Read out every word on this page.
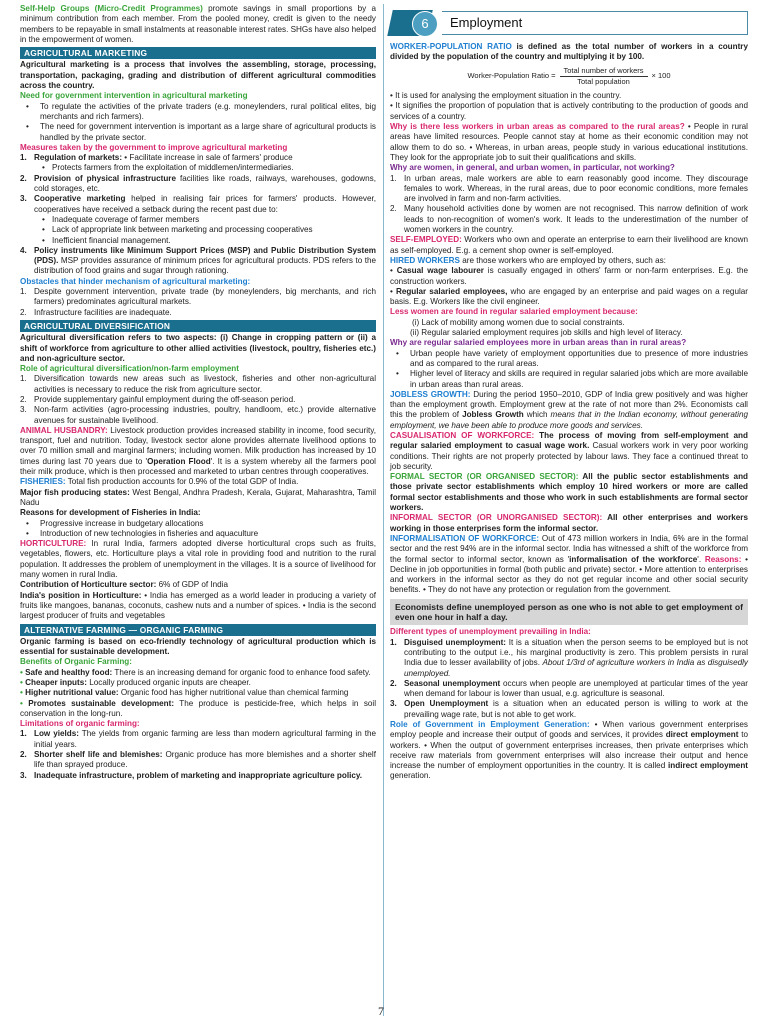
Self-Help Groups (Micro-Credit Programmes) promote savings in small proportions by a minimum contribution from each member. From the pooled money, credit is given to the needy members to be repayable in small instalments at reasonable interest rates. SHGs have also helped in the empowerment of women.

AGRICULTURAL MARKETING

Agricultural marketing is a process that involves the assembling, storage, processing, transportation, packaging, grading and distribution of different agricultural commodities across the country.

Need for government intervention in agricultural marketing

•	To regulate the activities of the private traders (e.g. moneylenders, rural political elites, big merchants and rich farmers).
•	The need for government intervention is important as a large share of agricultural products is handled by the private sector.

Measures taken by the government to improve agricultural marketing

1. Regulation of markets: • Facilitate increase in sale of farmers' produce
• Protects farmers from the exploitation of middlemen/intermediaries.
2. Provision of physical infrastructure facilities like roads, railways, warehouses, godowns, cold storages, etc.
3. Cooperative marketing helped in realising fair prices for farmers' products. However, cooperatives have received a setback during the recent past due to:
• Inadequate coverage of farmer members
• Lack of appropriate link between marketing and processing cooperatives
• Inefficient financial management.
4. Policy instruments like Minimum Support Prices (MSP) and Public Distribution System (PDS). MSP provides assurance of minimum prices for agricultural products. PDS refers to the distribution of food grains and sugar through rationing.

Obstacles that hinder mechanism of agricultural marketing:

1. Despite government intervention, private trade (by moneylenders, big merchants, and rich farmers) predominates agricultural markets.
2. Infrastructure facilities are inadequate.
AGRICULTURAL DIVERSIFICATION

Agricultural diversification refers to two aspects: (i) Change in cropping pattern or (ii) a shift of workforce from agriculture to other allied activities (livestock, poultry, fisheries etc.) and non-agriculture sector.

Role of agricultural diversification/non-farm employment

1. Diversification towards new areas such as livestock, fisheries and other non-agricultural activities is necessary to reduce the risk from agriculture sector.
2. Provide supplementary gainful employment during the off-season period.
3. Non-farm activities (agro-processing industries, poultry, handloom, etc.) provide alternative avenues for sustainable livelihood.

ANIMAL HUSBANDRY: Livestock production provides increased stability in income, food security, transport, fuel and nutrition. Today, livestock sector alone provides alternate livelihood options to over 70 million small and marginal farmers; including women. Milk production has increased by 10 times during last 70 years due to 'Operation Flood'. It is a system whereby all the farmers pool their milk produce, which is then processed and marketed to urban centres through cooperatives.

FISHERIES: Total fish production accounts for 0.9% of the total GDP of India.

Major fish producing states: West Bengal, Andhra Pradesh, Kerala, Gujarat, Maharashtra, Tamil Nadu

Reasons for development of Fisheries in India:

•	Progressive increase in budgetary allocations
•	Introduction of new technologies in fisheries and aquaculture

HORTICULTURE: In rural India, farmers adopted diverse horticultural crops such as fruits, vegetables, flowers, etc. Horticulture plays a vital role in providing food and nutrition to the rural population. It addresses the problem of unemployment in the villages. It is a source of livelihood for many women in rural India.

Contribution of Horticulture sector: 6% of GDP of India

India's position in Horticulture: • India has emerged as a world leader in producing a variety of fruits like mangoes, bananas, coconuts, cashew nuts and a number of spices. • India is the second largest producer of fruits and vegetables

ALTERNATIVE FARMING — ORGANIC FARMING

Organic farming is based on eco-friendly technology of agricultural production which is essential for sustainable development.

Benefits of Organic Farming:

• Safe and healthy food: There is an increasing demand for organic food to enhance food safety.

• Cheaper inputs: Locally produced organic inputs are cheaper.

• Higher nutritional value: Organic food has higher nutritional value than chemical farming

• Promotes sustainable development: The produce is pesticide-free, which helps in soil conservation in the long-run.

Limitations of organic farming:

1. Low yields: The yields from organic farming are less than modern agricultural farming in the initial years.
2. Shorter shelf life and blemishes: Organic produce has more blemishes and a shorter shelf life than sprayed produce.
3. Inadequate infrastructure, problem of marketing and inappropriate agriculture policy.
6	Employment

WORKER-POPULATION RATIO is defined as the total number of workers in a country divided by the population of the country and multiplying it by 100.

Worker-Population Ratio = $\frac{\text{Total number of workers}}{\text{Total population}} \times 100$

• It is used for analysing the employment situation in the country.

• It signifies the proportion of population that is actively contributing to the production of goods and services of a country.

Why is there less workers in urban areas as compared to the rural areas? • People in rural areas have limited resources. People cannot stay at home as their economic condition may not allow them to do so. • Whereas, in urban areas, people study in various educational institutions. They look for the appropriate job to suit their qualifications and skills.

Why are women, in general, and urban women, in particular, not working?

1. In urban areas, male workers are able to earn reasonably good income. They discourage females to work. Whereas, in the rural areas, due to poor economic conditions, more females are involved in farm and non-farm activities.
2. Many household activities done by women are not recognised. This narrow definition of work leads to non-recognition of women's work. It leads to the underestimation of the number of women workers in the country.

SELF-EMPLOYED: Workers who own and operate an enterprise to earn their livelihood are known as self-employed. E.g. a cement shop owner is self-employed.

HIRED WORKERS are those workers who are employed by others, such as:

• Casual wage labourer is casually engaged in others' farm or non-farm enterprises. E.g. the construction workers.

• Regular salaried employees, who are engaged by an enterprise and paid wages on a regular basis. E.g. Workers like the civil engineer.

Less women are found in regular salaried employment because:

(i) Lack of mobility among women due to social constraints.

(ii) Regular salaried employment requires job skills and high level of literacy.

Why are regular salaried employees more in urban areas than in rural areas?

•	Urban people have variety of employment opportunities due to presence of more industries and as compared to the rural areas.
•	Higher level of literacy and skills are required in regular salaried jobs which are more available in urban areas than rural areas.

JOBLESS GROWTH: During the period 1950–2010, GDP of India grew positively and was higher than the employment growth. Employment grew at the rate of not more than 2%. Economists call this the problem of Jobless Growth which means that in the Indian economy, without generating employment, we have been able to produce more goods and services.

CASUALISATION OF WORKFORCE: The process of moving from self-employment and regular salaried employment to casual wage work. Casual workers work in very poor working conditions. Their rights are not properly protected by labour laws. They face a continued threat to job security.

FORMAL SECTOR (OR ORGANISED SECTOR): All the public sector establishments and those private sector establishments which employ 10 hired workers or more are called formal sector establishments and those who work in such establishments are formal sector workers.

INFORMAL SECTOR (OR UNORGANISED SECTOR): All other enterprises and workers working in those enterprises form the informal sector.

INFORMALISATION OF WORKFORCE: Out of 473 million workers in India, 6% are in the formal sector and the rest 94% are in the informal sector. India has witnessed a shift of the workforce from the formal sector to informal sector, known as 'informalisation of the workforce'. Reasons: • Decline in job opportunities in formal (both public and private) sector. • More attention to enterprises and workers in the informal sector as they do not get regular income and other social security benefits. • They do not have any protection or regulation from the government.

Economists define unemployed person as one who is not able to get employment of even one hour in half a day.

Different types of unemployment prevailing in India:

1. Disguised unemployment: It is a situation when the person seems to be employed but is not contributing to the output i.e., his marginal productivity is zero. This problem persists in rural India due to lesser availability of jobs. About 1/3rd of agriculture workers in India as disguisedly unemployed.
2. Seasonal unemployment occurs when people are unemployed at particular times of the year when demand for labour is lower than usual, e.g. agriculture is seasonal.
3. Open Unemployment is a situation when an educated person is willing to work at the prevailing wage rate, but is not able to get work.

Role of Government in Employment Generation: • When various government enterprises employ people and increase their output of goods and services, it provides direct employment to workers. • When the output of government enterprises increases, then private enterprises which receive raw materials from government enterprises will also increase their output and hence increase the number of employment opportunities in the country. It is called indirect employment generation.

7
